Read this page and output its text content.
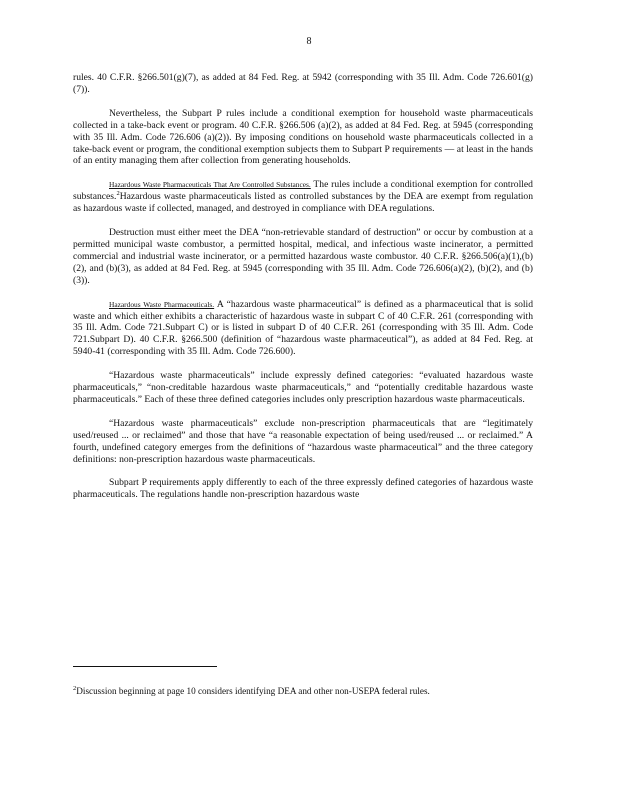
8

rules. 40 C.F.R. §266.501(g)(7), as added at 84 Fed. Reg. at 5942 (corresponding with 35 Ill. Adm. Code 726.601(g)(7)).

Nevertheless, the Subpart P rules include a conditional exemption for household waste pharmaceuticals collected in a take-back event or program. 40 C.F.R. §266.506 (a)(2), as added at 84 Fed. Reg. at 5945 (corresponding with 35 Ill. Adm. Code 726.606 (a)(2)). By imposing conditions on household waste pharmaceuticals collected in a take-back event or program, the conditional exemption subjects them to Subpart P requirements — at least in the hands of an entity managing them after collection from generating households.

Hazardous Waste Pharmaceuticals That Are Controlled Substances. The rules include a conditional exemption for controlled substances.$^2$Hazardous waste pharmaceuticals listed as controlled substances by the DEA are exempt from regulation as hazardous waste if collected, managed, and destroyed in compliance with DEA regulations.

Destruction must either meet the DEA “non-retrievable standard of destruction” or occur by combustion at a permitted municipal waste combustor, a permitted hospital, medical, and infectious waste incinerator, a permitted commercial and industrial waste incinerator, or a permitted hazardous waste combustor. 40 C.F.R. §266.506(a)(1),(b)(2), and (b)(3), as added at 84 Fed. Reg. at 5945 (corresponding with 35 Ill. Adm. Code 726.606(a)(2), (b)(2), and (b)(3)).

Hazardous Waste Pharmaceuticals. A “hazardous waste pharmaceutical” is defined as a pharmaceutical that is solid waste and which either exhibits a characteristic of hazardous waste in subpart C of 40 C.F.R. 261 (corresponding with 35 Ill. Adm. Code 721.Subpart C) or is listed in subpart D of 40 C.F.R. 261 (corresponding with 35 Ill. Adm. Code 721.Subpart D). 40 C.F.R. §266.500 (definition of “hazardous waste pharmaceutical”), as added at 84 Fed. Reg. at 5940-41 (corresponding with 35 Ill. Adm. Code 726.600).

“Hazardous waste pharmaceuticals” include expressly defined categories: “evaluated hazardous waste pharmaceuticals,” “non-creditable hazardous waste pharmaceuticals,” and “potentially creditable hazardous waste pharmaceuticals.” Each of these three defined categories includes only prescription hazardous waste pharmaceuticals.

“Hazardous waste pharmaceuticals” exclude non-prescription pharmaceuticals that are “legitimately used/reused ... or reclaimed” and those that have “a reasonable expectation of being used/reused ... or reclaimed.” A fourth, undefined category emerges from the definitions of “hazardous waste pharmaceutical” and the three category definitions: non-prescription hazardous waste pharmaceuticals.

Subpart P requirements apply differently to each of the three expressly defined categories of hazardous waste pharmaceuticals. The regulations handle non-prescription hazardous waste

$^2$Discussion beginning at page 10 considers identifying DEA and other non-USEPA federal rules.
